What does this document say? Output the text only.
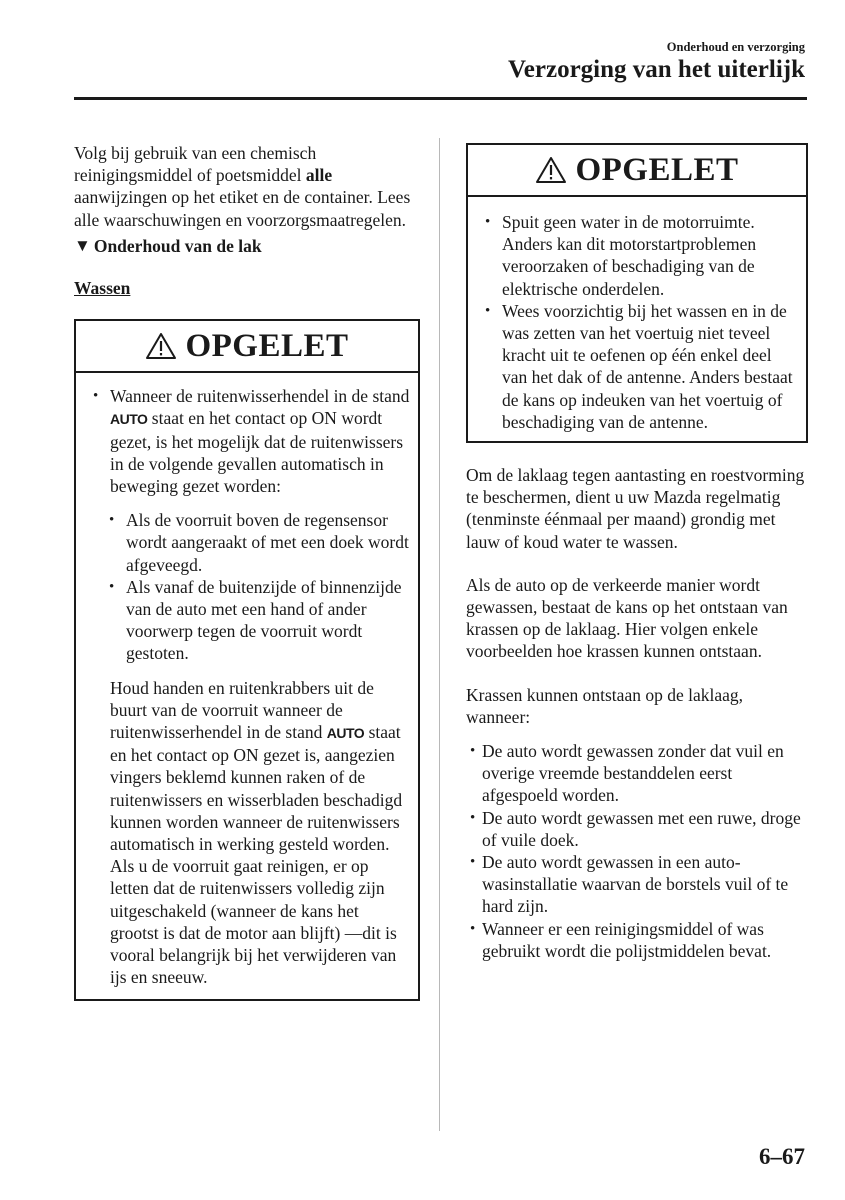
Onderhoud en verzorging
Verzorging van het uiterlijk

Volg bij gebruik van een chemisch reinigingsmiddel of poetsmiddel alle aanwijzingen op het etiket en de container. Lees alle waarschuwingen en voorzorgsmaatregelen.

▼ Onderhoud van de lak
Wassen
OPGELET
• Wanneer de ruitenwisserhendel in de stand AUTO staat en het contact op ON wordt gezet, is het mogelijk dat de ruitenwissers in de volgende gevallen automatisch in beweging gezet worden:
• Als de voorruit boven de regensensor wordt aangeraakt of met een doek wordt afgeveegd.
• Als vanaf de buitenzijde of binnenzijde van de auto met een hand of ander voorwerp tegen de voorruit wordt gestoten.

Houd handen en ruitenkrabbers uit de buurt van de voorruit wanneer de ruitenwisserhendel in de stand AUTO staat en het contact op ON gezet is, aangezien vingers beklemd kunnen raken of de ruitenwissers en wisserbladen beschadigd kunnen worden wanneer de ruitenwissers automatisch in werking gesteld worden.

Als u de voorruit gaat reinigen, er op letten dat de ruitenwissers volledig zijn uitgeschakeld (wanneer de kans het grootst is dat de motor aan blijft) —dit is vooral belangrijk bij het verwijderen van ijs en sneeuw.

OPGELET
• Spuit geen water in de motorruimte. Anders kan dit motorstartproblemen veroorzaken of beschadiging van de elektrische onderdelen.
• Wees voorzichtig bij het wassen en in de was zetten van het voertuig niet teveel kracht uit te oefenen op één enkel deel van het dak of de antenne. Anders bestaat de kans op indeuken van het voertuig of beschadiging van de antenne.

Om de laklaag tegen aantasting en roestvorming te beschermen, dient u uw Mazda regelmatig (tenminste éénmaal per maand) grondig met lauw of koud water te wassen.

Als de auto op de verkeerde manier wordt gewassen, bestaat de kans op het ontstaan van krassen op de laklaag. Hier volgen enkele voorbeelden hoe krassen kunnen ontstaan.

Krassen kunnen ontstaan op de laklaag, wanneer:

• De auto wordt gewassen zonder dat vuil en overige vreemde bestanddelen eerst afgespoeld worden.
• De auto wordt gewassen met een ruwe, droge of vuile doek.
• De auto wordt gewassen in een auto-wasinstallatie waarvan de borstels vuil of te hard zijn.
• Wanneer er een reinigingsmiddel of was gebruikt wordt die polijstmiddelen bevat.
6–67
